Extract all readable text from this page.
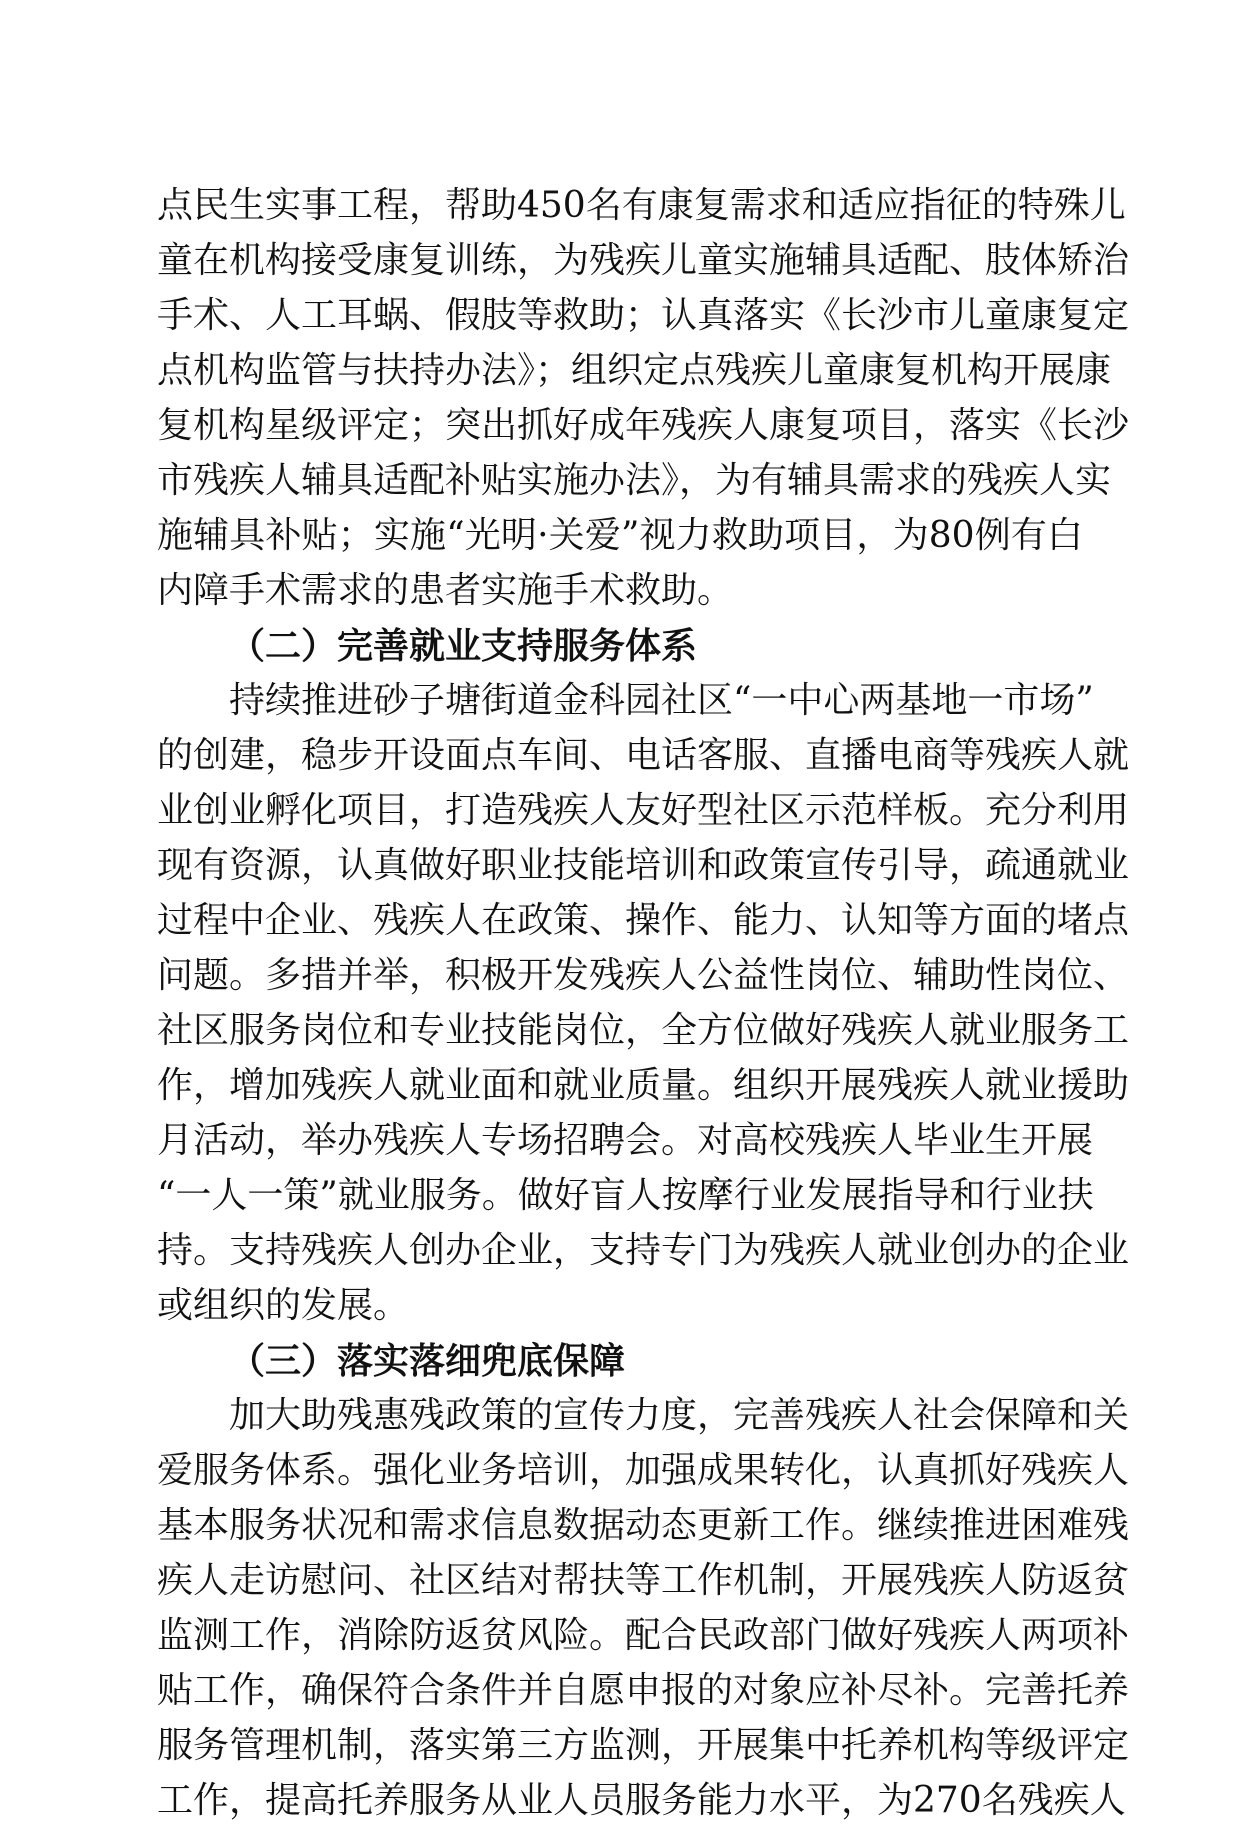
点民生实事工程，帮助450名有康复需求和适应指征的特殊儿
童在机构接受康复训练，为残疾儿童实施辅具适配、肢体矫治
手术、人工耳蜗、假肢等救助；认真落实《长沙市儿童康复定
点机构监管与扶持办法》；组织定点残疾儿童康复机构开展康
复机构星级评定；突出抓好成年残疾人康复项目，落实《长沙
市残疾人辅具适配补贴实施办法》，为有辅具需求的残疾人实
施辅具补贴；实施“光明·关爱”视力救助项目，为80例有白
内障手术需求的患者实施手术救助。
（二）完善就业支持服务体系
持续推进砂子塘街道金科园社区“一中心两基地一市场”
的创建，稳步开设面点车间、电话客服、直播电商等残疾人就
业创业孵化项目，打造残疾人友好型社区示范样板。充分利用
现有资源，认真做好职业技能培训和政策宣传引导，疏通就业
过程中企业、残疾人在政策、操作、能力、认知等方面的堵点
问题。多措并举，积极开发残疾人公益性岗位、辅助性岗位、
社区服务岗位和专业技能岗位，全方位做好残疾人就业服务工
作，增加残疾人就业面和就业质量。组织开展残疾人就业援助
月活动，举办残疾人专场招聘会。对高校残疾人毕业生开展
“一人一策”就业服务。做好盲人按摩行业发展指导和行业扶
持。支持残疾人创办企业，支持专门为残疾人就业创办的企业
或组织的发展。
（三）落实落细兜底保障
加大助残惠残政策的宣传力度，完善残疾人社会保障和关
爱服务体系。强化业务培训，加强成果转化，认真抓好残疾人
基本服务状况和需求信息数据动态更新工作。继续推进困难残
疾人走访慰问、社区结对帮扶等工作机制，开展残疾人防返贫
监测工作，消除防返贫风险。配合民政部门做好残疾人两项补
贴工作，确保符合条件并自愿申报的对象应补尽补。完善托养
服务管理机制，落实第三方监测，开展集中托养机构等级评定
工作，提高托养服务从业人员服务能力水平，为270名残疾人
